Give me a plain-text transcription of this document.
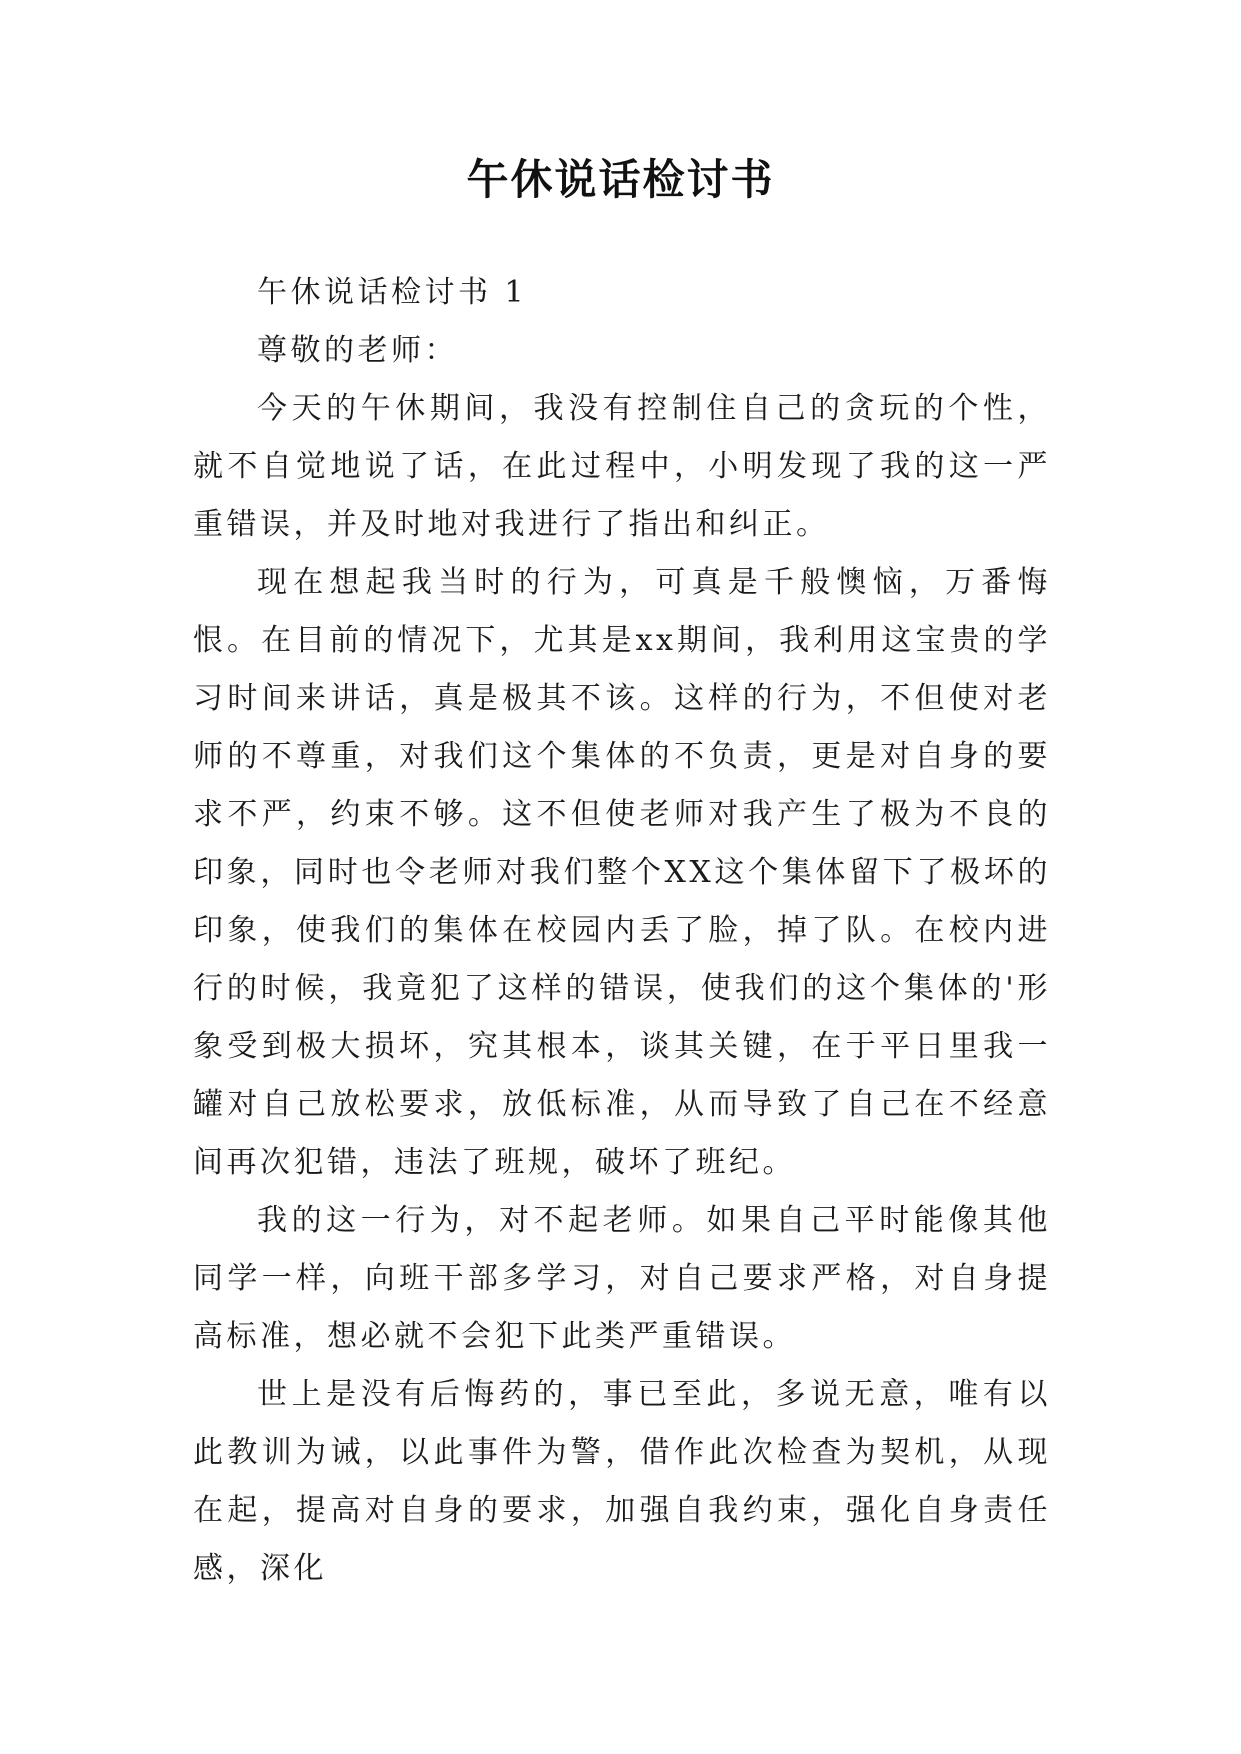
午休说话检讨书

午休说话检讨书 1

尊敬的老师：

今天的午休期间，我没有控制住自己的贪玩的个性，就不自觉地说了话，在此过程中，小明发现了我的这一严重错误，并及时地对我进行了指出和纠正。

现在想起我当时的行为，可真是千般懊恼，万番悔恨。在目前的情况下，尤其是xx期间，我利用这宝贵的学习时间来讲话，真是极其不该。这样的行为，不但使对老师的不尊重，对我们这个集体的不负责，更是对自身的要求不严，约束不够。这不但使老师对我产生了极为不良的印象，同时也令老师对我们整个XX这个集体留下了极坏的印象，使我们的集体在校园内丢了脸，掉了队。在校内进行的时候，我竟犯了这样的错误，使我们的这个集体的'形象受到极大损坏，究其根本，谈其关键，在于平日里我一罐对自己放松要求，放低标准，从而导致了自己在不经意间再次犯错，违法了班规，破坏了班纪。

我的这一行为，对不起老师。如果自己平时能像其他同学一样，向班干部多学习，对自己要求严格，对自身提高标准，想必就不会犯下此类严重错误。

世上是没有后悔药的，事已至此，多说无意，唯有以此教训为诫，以此事件为警，借作此次检查为契机，从现在起，提高对自身的要求，加强自我约束，强化自身责任感，深化
